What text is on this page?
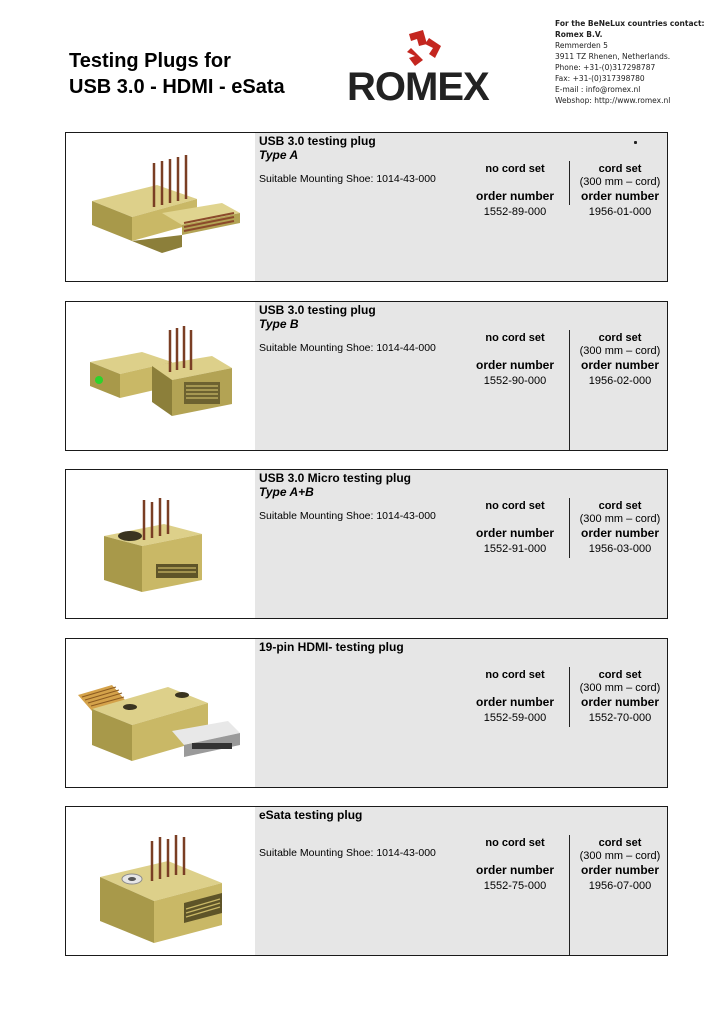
Testing Plugs for
USB 3.0 - HDMI - eSata ROMEX
For the BeNeLux countries contact:
Romex B.V.
Remmerden 5
3911 TZ Rhenen, Netherlands.
Phone: +31-(0)317298787
Fax: +31-(0)317398780
E-mail : info@romex.nl
Webshop: http://www.romex.nl
USB 3.0 testing plug
Type A
Suitable Mounting Shoe: 1014-43-000
no cord set
order number
1552-89-000
cord set
(300 mm – cord)
order number
1956-01-000
USB 3.0 testing plug
Type B
Suitable Mounting Shoe: 1014-44-000
no cord set
order number
1552-90-000
cord set
(300 mm – cord)
order number
1956-02-000
USB 3.0 Micro testing plug
Type A+B
Suitable Mounting Shoe: 1014-43-000
no cord set
order number
1552-91-000
cord set
(300 mm – cord)
order number
1956-03-000
19-pin HDMI- testing plug
no cord set
order number
1552-59-000
cord set
(300 mm – cord)
order number
1552-70-000
eSata testing plug
Suitable Mounting Shoe: 1014-43-000
no cord set
order number
1552-75-000
cord set
(300 mm – cord)
order number
1956-07-000
